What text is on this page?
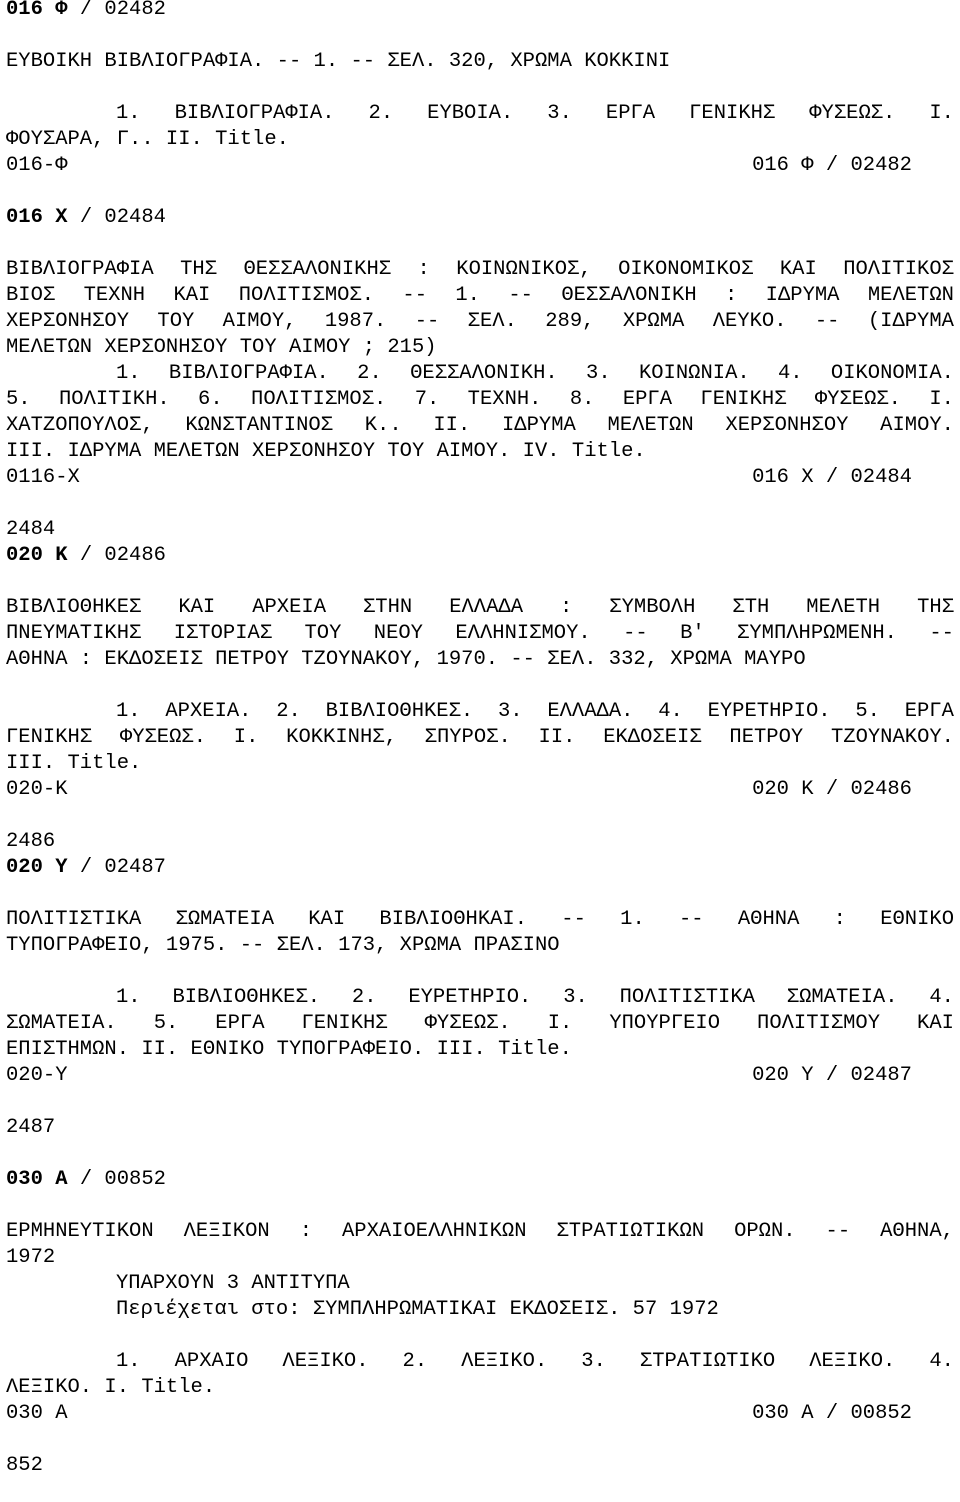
016 Φ / 02482
ΕΥΒΟΙΚΗ ΒΙΒΛΙΟΓΡΑΦΙΑ. -- 1. -- ΣΕΛ. 320, ΧΡΩΜΑ ΚΟΚΚΙΝΙ
1. ΒΙΒΛΙΟΓΡΑΦΙΑ. 2. ΕΥΒΟΙΑ. 3. ΕΡΓΑ ΓΕΝΙΚΗΣ ΦΥΣΕΩΣ. Ι.
ΦΟΥΣΑΡΑ, Γ.. ΙΙ. Title.
016-Φ	016 Φ / 02482
016 Χ / 02484
ΒΙΒΛΙΟΓΡΑΦΙΑ ΤΗΣ ΘΕΣΣΑΛΟΝΙΚΗΣ : ΚΟΙΝΩΝΙΚΟΣ, ΟΙΚΟΝΟΜΙΚΟΣ ΚΑΙ ΠΟΛΙΤΙΚΟΣ
ΒΙΟΣ ΤΕΧΝΗ ΚΑΙ ΠΟΛΙΤΙΣΜΟΣ. -- 1. -- ΘΕΣΣΑΛΟΝΙΚΗ : ΙΔΡΥΜΑ ΜΕΛΕΤΩΝ
ΧΕΡΣΟΝΗΣΟΥ ΤΟΥ ΑΙΜΟΥ, 1987. -- ΣΕΛ. 289, ΧΡΩΜΑ ΛΕΥΚΟ. -- (ΙΔΡΥΜΑ
ΜΕΛΕΤΩΝ ΧΕΡΣΟΝΗΣΟΥ ΤΟΥ ΑΙΜΟΥ ; 215)
1. ΒΙΒΛΙΟΓΡΑΦΙΑ. 2. ΘΕΣΣΑΛΟΝΙΚΗ. 3. ΚΟΙΝΩΝΙΑ. 4. ΟΙΚΟΝΟΜΙΑ.
5. ΠΟΛΙΤΙΚΗ. 6. ΠΟΛΙΤΙΣΜΟΣ. 7. ΤΕΧΝΗ. 8. ΕΡΓΑ ΓΕΝΙΚΗΣ ΦΥΣΕΩΣ. Ι.
ΧΑΤΖΟΠΟΥΛΟΣ, ΚΩΝΣΤΑΝΤΙΝΟΣ Κ.. ΙΙ. ΙΔΡΥΜΑ ΜΕΛΕΤΩΝ ΧΕΡΣΟΝΗΣΟΥ ΑΙΜΟΥ.
ΙΙΙ. ΙΔΡΥΜΑ ΜΕΛΕΤΩΝ ΧΕΡΣΟΝΗΣΟΥ ΤΟΥ ΑΙΜΟΥ. IV. Title.
0116-Χ	016 Χ / 02484
2484
020 Κ / 02486
ΒΙΒΛΙΟΘΗΚΕΣ ΚΑΙ ΑΡΧΕΙΑ ΣΤΗΝ ΕΛΛΑΔΑ : ΣΥΜΒΟΛΗ ΣΤΗ ΜΕΛΕΤΗ ΤΗΣ
ΠΝΕΥΜΑΤΙΚΗΣ ΙΣΤΟΡΙΑΣ ΤΟΥ ΝΕΟΥ ΕΛΛΗΝΙΣΜΟΥ. -- Β' ΣΥΜΠΛΗΡΩΜΕΝΗ. --
ΑΘΗΝΑ : ΕΚΔΟΣΕΙΣ ΠΕΤΡΟΥ ΤΖΟΥΝΑΚΟΥ, 1970. -- ΣΕΛ. 332, ΧΡΩΜΑ ΜΑΥΡΟ
1. ΑΡΧΕΙΑ. 2. ΒΙΒΛΙΟΘΗΚΕΣ. 3. ΕΛΛΑΔΑ. 4. ΕΥΡΕΤΗΡΙΟ. 5. ΕΡΓΑ
ΓΕΝΙΚΗΣ ΦΥΣΕΩΣ. Ι. ΚΟΚΚΙΝΗΣ, ΣΠΥΡΟΣ. ΙΙ. ΕΚΔΟΣΕΙΣ ΠΕΤΡΟΥ ΤΖΟΥΝΑΚΟΥ.
ΙΙΙ. Title.
020-Κ	020 Κ / 02486
2486
020 Υ / 02487
ΠΟΛΙΤΙΣΤΙΚΑ ΣΩΜΑΤΕΙΑ ΚΑΙ ΒΙΒΛΙΟΘΗΚΑΙ. -- 1. -- ΑΘΗΝΑ : ΕΘΝΙΚΟ
ΤΥΠΟΓΡΑΦΕΙΟ, 1975. -- ΣΕΛ. 173, ΧΡΩΜΑ ΠΡΑΣΙΝΟ
1. ΒΙΒΛΙΟΘΗΚΕΣ. 2. ΕΥΡΕΤΗΡΙΟ. 3. ΠΟΛΙΤΙΣΤΙΚΑ ΣΩΜΑΤΕΙΑ. 4.
ΣΩΜΑΤΕΙΑ. 5. ΕΡΓΑ ΓΕΝΙΚΗΣ ΦΥΣΕΩΣ. Ι. ΥΠΟΥΡΓΕΙΟ ΠΟΛΙΤΙΣΜΟΥ ΚΑΙ
ΕΠΙΣΤΗΜΩΝ. ΙΙ. ΕΘΝΙΚΟ ΤΥΠΟΓΡΑΦΕΙΟ. ΙΙΙ. Title.
020-Υ	020 Υ / 02487
2487
030 Α / 00852
ΕΡΜΗΝΕΥΤΙΚΟΝ ΛΕΞΙΚΟΝ : ΑΡΧΑΙΟΕΛΛΗΝΙΚΩΝ ΣΤΡΑΤΙΩΤΙΚΩΝ ΟΡΩΝ. -- ΑΘΗΝΑ,
1972
ΥΠΑΡΧΟΥΝ 3 ΑΝΤΙΤΥΠΑ
Περιέχεται στο: ΣΥΜΠΛΗΡΩΜΑΤΙΚΑΙ ΕΚΔΟΣΕΙΣ. 57 1972
1. ΑΡΧΑΙΟ ΛΕΞΙΚΟ. 2. ΛΕΞΙΚΟ. 3. ΣΤΡΑΤΙΩΤΙΚΟ ΛΕΞΙΚΟ. 4.
ΛΕΞΙΚΟ. Ι. Title.
030 Α	030 Α / 00852
852
